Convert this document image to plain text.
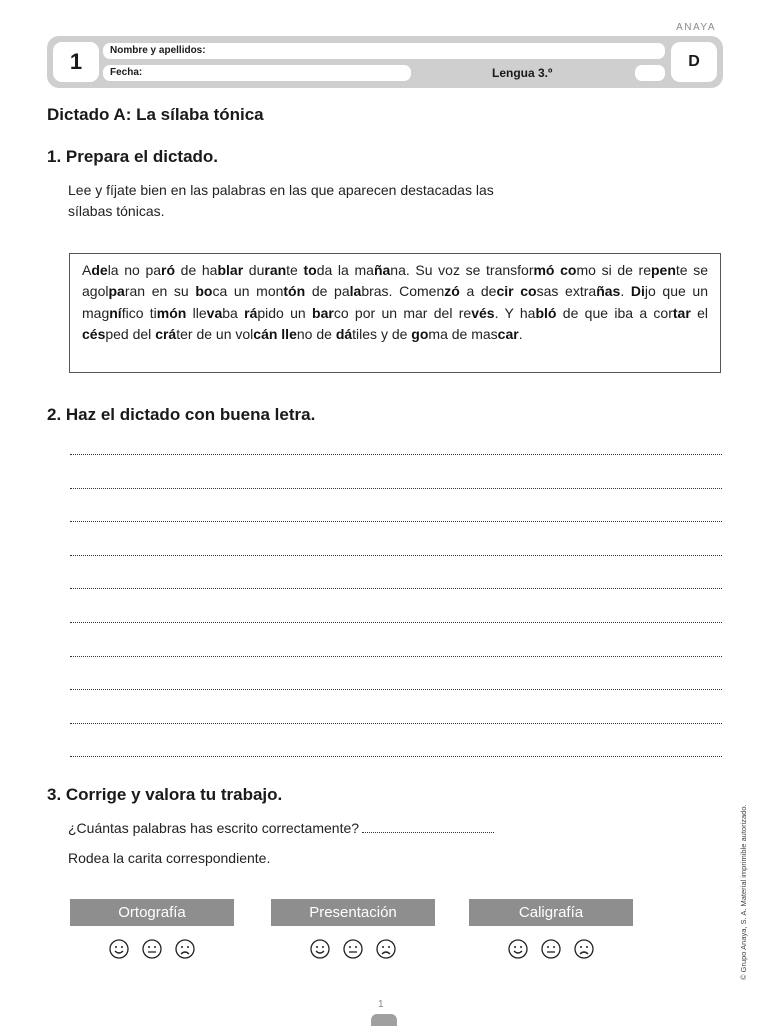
ANAYA
1	Nombre y apellidos:
Fecha:	Lengua 3.º
D
Dictado A: La sílaba tónica
1. Prepara el dictado.
Lee y fíjate bien en las palabras en las que aparecen destacadas las
sílabas tónicas.
Adela no paró de hablar durante toda la mañana. Su voz se transformó como si de repente se agolparan en su boca un montón de palabras. Comenzó a decir cosas extrañas. Dijo que un magnífico timón llevaba rápido un barco por un mar del revés. Y habló de que iba a cortar el césped del cráter de un volcán lleno de dátiles y de goma de mascar.
2. Haz el dictado con buena letra.
3. Corrige y valora tu trabajo.
¿Cuántas palabras has escrito correctamente?
Rodea la carita correspondiente.
Ortografía	Presentación	Caligrafía	© Grupo Anaya, S. A. Material imprimible autorizado.
1
